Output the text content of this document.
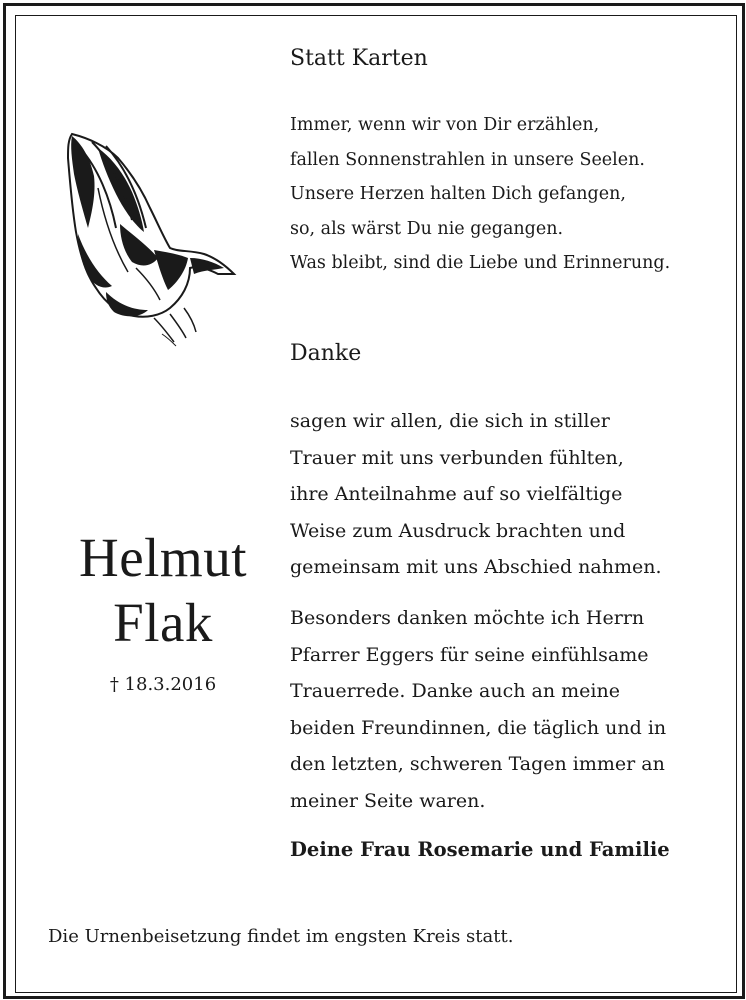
Statt Karten
Immer, wenn wir von Dir erzählen,
fallen Sonnenstrahlen in unsere Seelen.
Unsere Herzen halten Dich gefangen,
so, als wärst Du nie gegangen.
Was bleibt, sind die Liebe und Erinnerung.
Danke
sagen wir allen, die sich in stiller
Trauer mit uns verbunden fühlten,
ihre Anteilnahme auf so vielfältige
Weise zum Ausdruck brachten und
gemeinsam mit uns Abschied nahmen.
Besonders danken möchte ich Herrn
Pfarrer Eggers für seine einfühlsame
Trauerrede. Danke auch an meine
beiden Freundinnen, die täglich und in
den letzten, schweren Tagen immer an
meiner Seite waren.
Deine Frau Rosemarie und Familie
Helmut
Flak
† 18.3.2016
Die Urnenbeisetzung findet im engsten Kreis statt.
